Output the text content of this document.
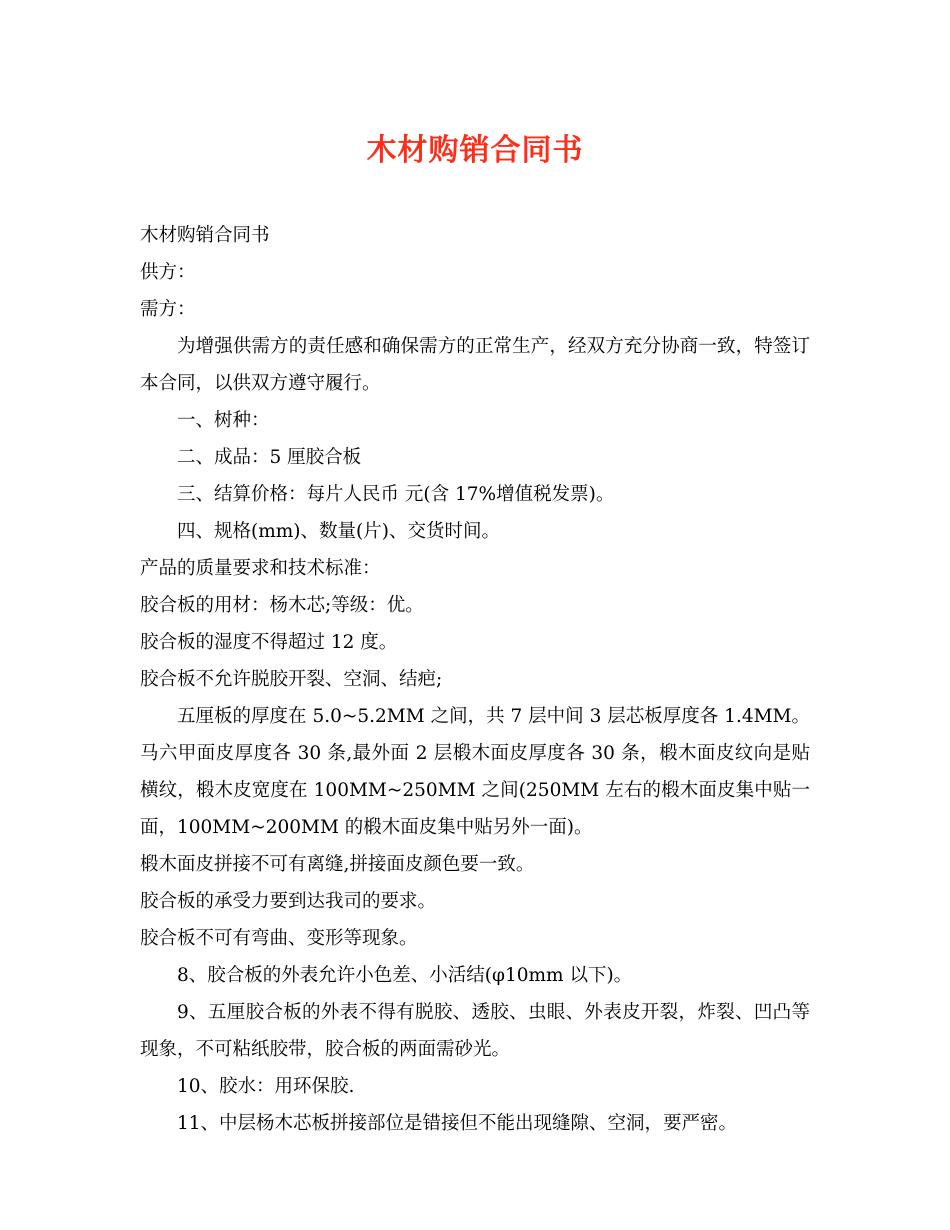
木材购销合同书

木材购销合同书

供方：

需方：

为增强供需方的责任感和确保需方的正常生产，经双方充分协商一致，特签订本合同，以供双方遵守履行。

一、树种：

二、成品：5 厘胶合板

三、结算价格：每片人民币 元(含 17%增值税发票)。

四、规格(mm)、数量(片)、交货时间。

产品的质量要求和技术标准：

胶合板的用材：杨木芯;等级：优。

胶合板的湿度不得超过 12 度。

胶合板不允许脱胶开裂、空洞、结疤;

五厘板的厚度在 5.0~5.2MM 之间，共 7 层中间 3 层芯板厚度各 1.4MM。马六甲面皮厚度各 30 条,最外面 2 层椴木面皮厚度各 30 条，椴木面皮纹向是贴横纹，椴木皮宽度在 100MM~250MM 之间(250MM 左右的椴木面皮集中贴一面，100MM~200MM 的椴木面皮集中贴另外一面)。

椴木面皮拼接不可有离缝,拼接面皮颜色要一致。

胶合板的承受力要到达我司的要求。

胶合板不可有弯曲、变形等现象。

8、胶合板的外表允许小色差、小活结(φ10mm 以下)。

9、五厘胶合板的外表不得有脱胶、透胶、虫眼、外表皮开裂，炸裂、凹凸等现象，不可粘纸胶带，胶合板的两面需砂光。

10、胶水：用环保胶.

11、中层杨木芯板拼接部位是错接但不能出现缝隙、空洞，要严密。
